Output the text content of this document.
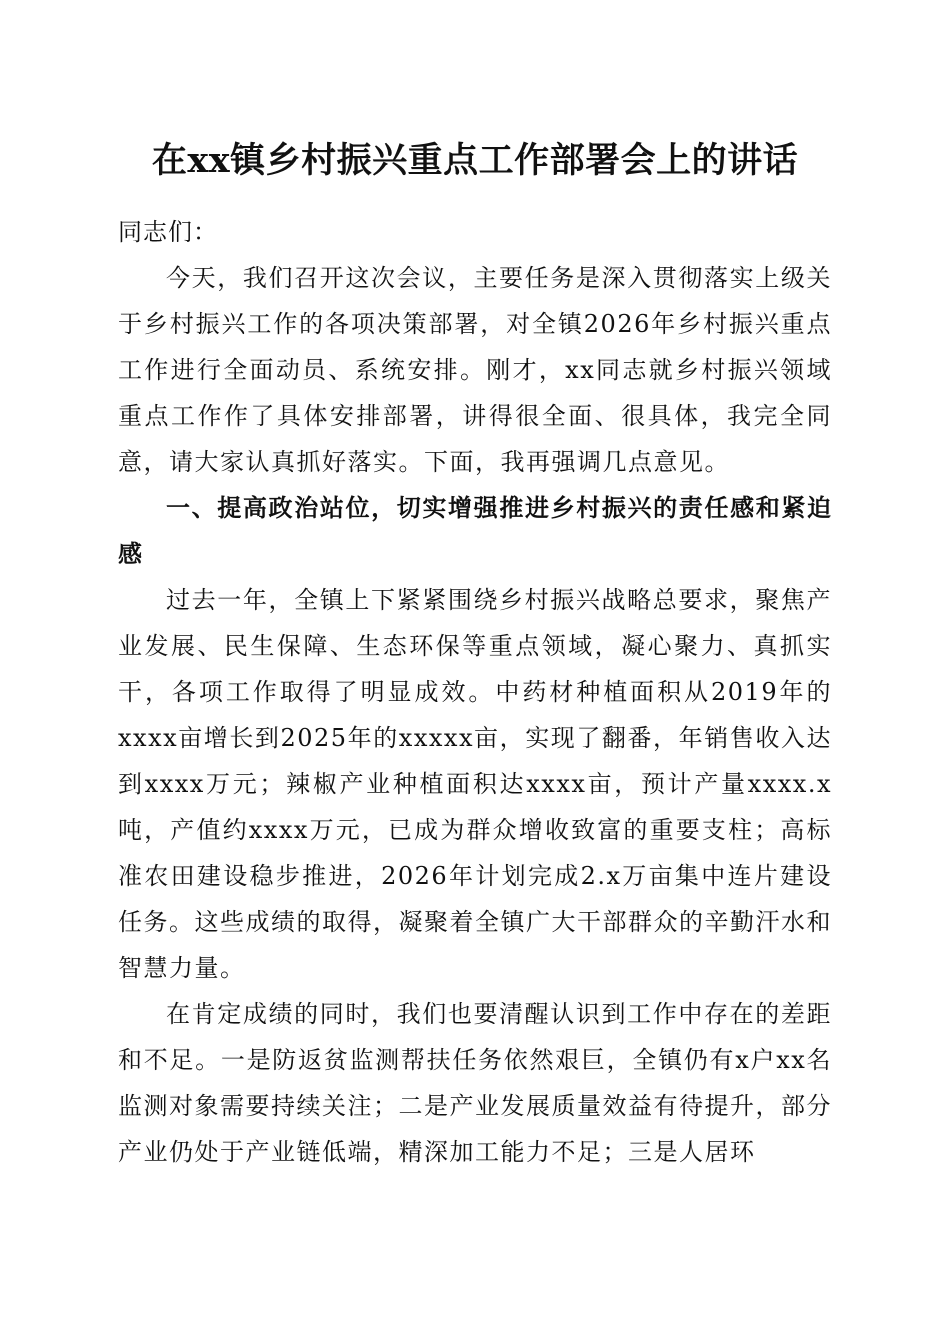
在xx镇乡村振兴重点工作部署会上的讲话

同志们：

今天，我们召开这次会议，主要任务是深入贯彻落实上级关于乡村振兴工作的各项决策部署，对全镇2026年乡村振兴重点工作进行全面动员、系统安排。刚才，xx同志就乡村振兴领域重点工作作了具体安排部署，讲得很全面、很具体，我完全同意，请大家认真抓好落实。下面，我再强调几点意见。

一、提高政治站位，切实增强推进乡村振兴的责任感和紧迫感

过去一年，全镇上下紧紧围绕乡村振兴战略总要求，聚焦产业发展、民生保障、生态环保等重点领域，凝心聚力、真抓实干，各项工作取得了明显成效。中药材种植面积从2019年的xxxx亩增长到2025年的xxxxx亩，实现了翻番，年销售收入达到xxxx万元；辣椒产业种植面积达xxxx亩，预计产量xxxx.x吨，产值约xxxx万元，已成为群众增收致富的重要支柱；高标准农田建设稳步推进，2026年计划完成2.x万亩集中连片建设任务。这些成绩的取得，凝聚着全镇广大干部群众的辛勤汗水和智慧力量。

在肯定成绩的同时，我们也要清醒认识到工作中存在的差距和不足。一是防返贫监测帮扶任务依然艰巨，全镇仍有x户xx名监测对象需要持续关注；二是产业发展质量效益有待提升，部分产业仍处于产业链低端，精深加工能力不足；三是人居环
